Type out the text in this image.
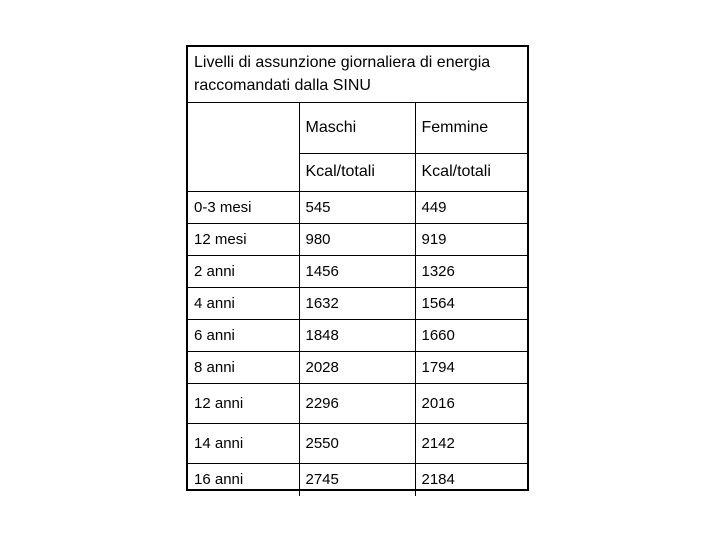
Livelli di assunzione giornaliera di energia raccomandati dalla SINU		
	Maschi	Femmine
	Kcal/totali	Kcal/totali
0-3 mesi	545	449
12 mesi	980	919
2 anni	1456	1326
4 anni	1632	1564
6 anni	1848	1660
8 anni	2028	1794
12 anni	2296	2016
14 anni	2550	2142
16 anni	2745	2184
